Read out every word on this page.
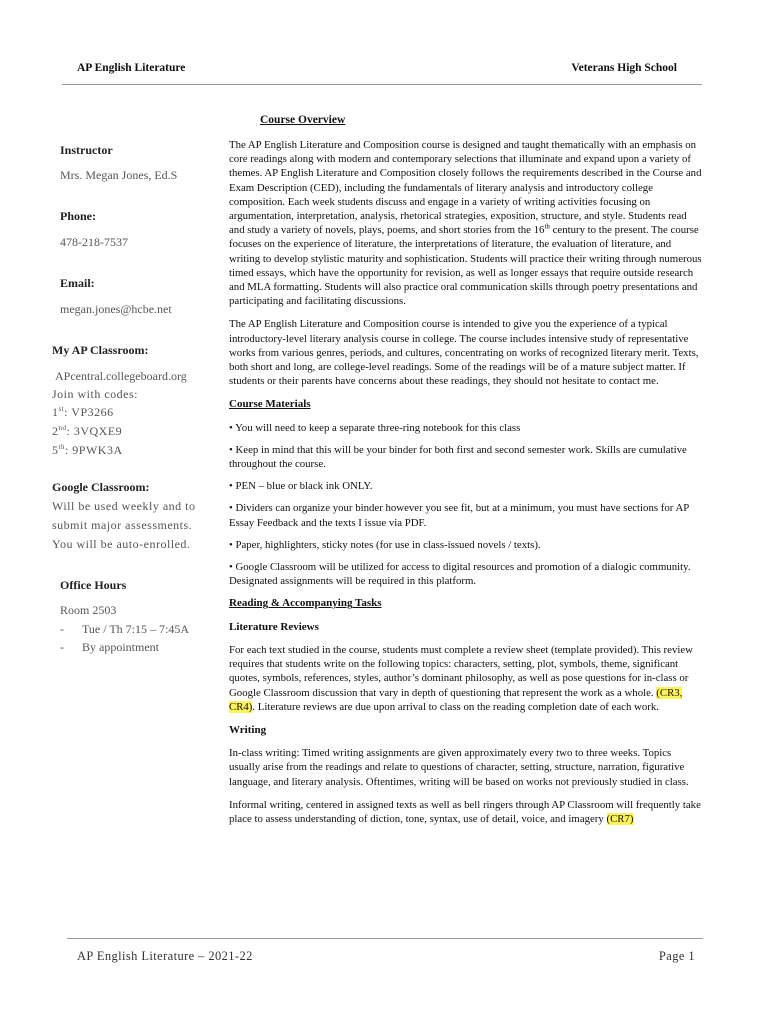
AP English Literature	Veterans High School
Course Overview
Instructor
Mrs. Megan Jones, Ed.S
Phone:
478-218-7537
Email:
megan.jones@hcbe.net
My AP Classroom:
APcentral.collegeboard.org
Join with codes:
1st: VP3266
2nd: 3VQXE9
5th: 9PWK3A
Google Classroom:
Will be used weekly and to
submit major assessments.
You will be auto-enrolled.
Office Hours
Room 2503
- Tue / Th 7:15 – 7:45A
- By appointment

The AP English Literature and Composition course is designed and taught thematically with an emphasis on core readings along with modern and contemporary selections that illuminate and expand upon a variety of themes. AP English Literature and Composition closely follows the requirements described in the Course and Exam Description (CED), including the fundamentals of literary analysis and introductory college composition. Each week students discuss and engage in a variety of writing activities focusing on argumentation, interpretation, analysis, rhetorical strategies, exposition, structure, and style. Students read and study a variety of novels, plays, poems, and short stories from the 16th century to the present. The course focuses on the experience of literature, the interpretations of literature, the evaluation of literature, and writing to develop stylistic maturity and sophistication. Students will practice their writing through numerous timed essays, which have the opportunity for revision, as well as longer essays that require outside research and MLA formatting. Students will also practice oral communication skills through poetry presentations and participating and facilitating discussions.

The AP English Literature and Composition course is intended to give you the experience of a typical introductory-level literary analysis course in college. The course includes intensive study of representative works from various genres, periods, and cultures, concentrating on works of recognized literary merit. Texts, both short and long, are college-level readings. Some of the readings will be of a mature subject matter. If students or their parents have concerns about these readings, they should not hesitate to contact me.

Course Materials
• You will need to keep a separate three-ring notebook for this class
• Keep in mind that this will be your binder for both first and second semester work. Skills are cumulative throughout the course.
• PEN – blue or black ink ONLY.
• Dividers can organize your binder however you see fit, but at a minimum, you must have sections for AP Essay Feedback and the texts I issue via PDF.
• Paper, highlighters, sticky notes (for use in class-issued novels / texts).
• Google Classroom will be utilized for access to digital resources and promotion of a dialogic community. Designated assignments will be required in this platform.
Reading & Accompanying Tasks
Literature Reviews

For each text studied in the course, students must complete a review sheet (template provided). This review requires that students write on the following topics: characters, setting, plot, symbols, theme, significant quotes, symbols, references, styles, author’s dominant philosophy, as well as pose questions for in-class or Google Classroom discussion that vary in depth of questioning that represent the work as a whole. (CR3, CR4). Literature reviews are due upon arrival to class on the reading completion date of each work.

Writing

In-class writing: Timed writing assignments are given approximately every two to three weeks. Topics usually arise from the readings and relate to questions of character, setting, structure, narration, figurative language, and literary analysis. Oftentimes, writing will be based on works not previously studied in class.

Informal writing, centered in assigned texts as well as bell ringers through AP Classroom will frequently take place to assess understanding of diction, tone, syntax, use of detail, voice, and imagery (CR7)

AP English Literature – 2021-22	Page 1
